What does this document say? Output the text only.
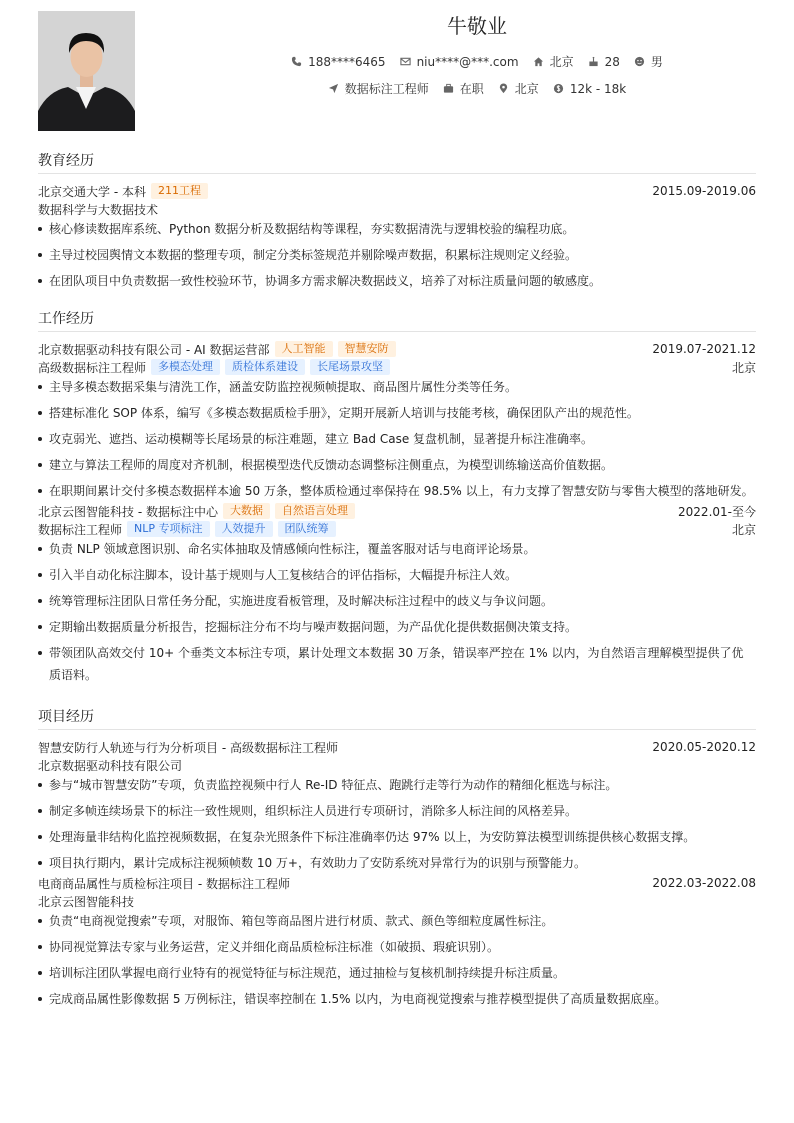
牛敬业
188****6465	niu****@***.com	北京	28	男
数据标注工程师	在职	北京	12k - 18k
教育经历
北京交通大学 - 本科	211工程	2015.09-2019.06
数据科学与大数据技术
核心修读数据库系统、Python 数据分析及数据结构等课程，夯实数据清洗与逻辑校验的编程功底。
主导过校园舆情文本数据的整理专项，制定分类标签规范并剔除噪声数据，积累标注规则定义经验。
在团队项目中负责数据一致性校验环节，协调多方需求解决数据歧义，培养了对标注质量问题的敏感度。
工作经历
北京数据驱动科技有限公司 - AI 数据运营部	人工智能	智慧安防	2019.07-2021.12
高级数据标注工程师	多模态处理	质检体系建设	长尾场景攻坚	北京
主导多模态数据采集与清洗工作，涵盖安防监控视频帧提取、商品图片属性分类等任务。
搭建标准化 SOP 体系，编写《多模态数据质检手册》，定期开展新人培训与技能考核，确保团队产出的规范性。
攻克弱光、遮挡、运动模糊等长尾场景的标注难题，建立 Bad Case 复盘机制，显著提升标注准确率。
建立与算法工程师的周度对齐机制，根据模型迭代反馈动态调整标注侧重点，为模型训练输送高价值数据。
在职期间累计交付多模态数据样本逾 50 万条，整体质检通过率保持在 98.5% 以上，有力支撑了智慧安防与零售大模型的落地研发。
北京云图智能科技 - 数据标注中心	大数据	自然语言处理	2022.01-至今
数据标注工程师	NLP 专项标注	人效提升	团队统筹	北京
负责 NLP 领域意图识别、命名实体抽取及情感倾向性标注，覆盖客服对话与电商评论场景。
引入半自动化标注脚本，设计基于规则与人工复核结合的评估指标，大幅提升标注人效。
统筹管理标注团队日常任务分配，实施进度看板管理，及时解决标注过程中的歧义与争议问题。
定期输出数据质量分析报告，挖掘标注分布不均与噪声数据问题，为产品优化提供数据侧决策支持。
带领团队高效交付 10+ 个垂类文本标注专项，累计处理文本数据 30 万条，错误率严控在 1% 以内，为自然语言理解模型提供了优质语料。
项目经历
智慧安防行人轨迹与行为分析项目 - 高级数据标注工程师	2020.05-2020.12
北京数据驱动科技有限公司
参与“城市智慧安防”专项，负责监控视频中行人 Re-ID 特征点、跑跳行走等行为动作的精细化框选与标注。
制定多帧连续场景下的标注一致性规则，组织标注人员进行专项研讨，消除多人标注间的风格差异。
处理海量非结构化监控视频数据，在复杂光照条件下标注准确率仍达 97% 以上，为安防算法模型训练提供核心数据支撑。
项目执行期内，累计完成标注视频帧数 10 万+，有效助力了安防系统对异常行为的识别与预警能力。
电商商品属性与质检标注项目 - 数据标注工程师	2022.03-2022.08
北京云图智能科技
负责“电商视觉搜索”专项，对服饰、箱包等商品图片进行材质、款式、颜色等细粒度属性标注。
协同视觉算法专家与业务运营，定义并细化商品质检标注标准（如破损、瑕疵识别）。
培训标注团队掌握电商行业特有的视觉特征与标注规范，通过抽检与复核机制持续提升标注质量。
完成商品属性影像数据 5 万例标注，错误率控制在 1.5% 以内，为电商视觉搜索与推荐模型提供了高质量数据底座。
